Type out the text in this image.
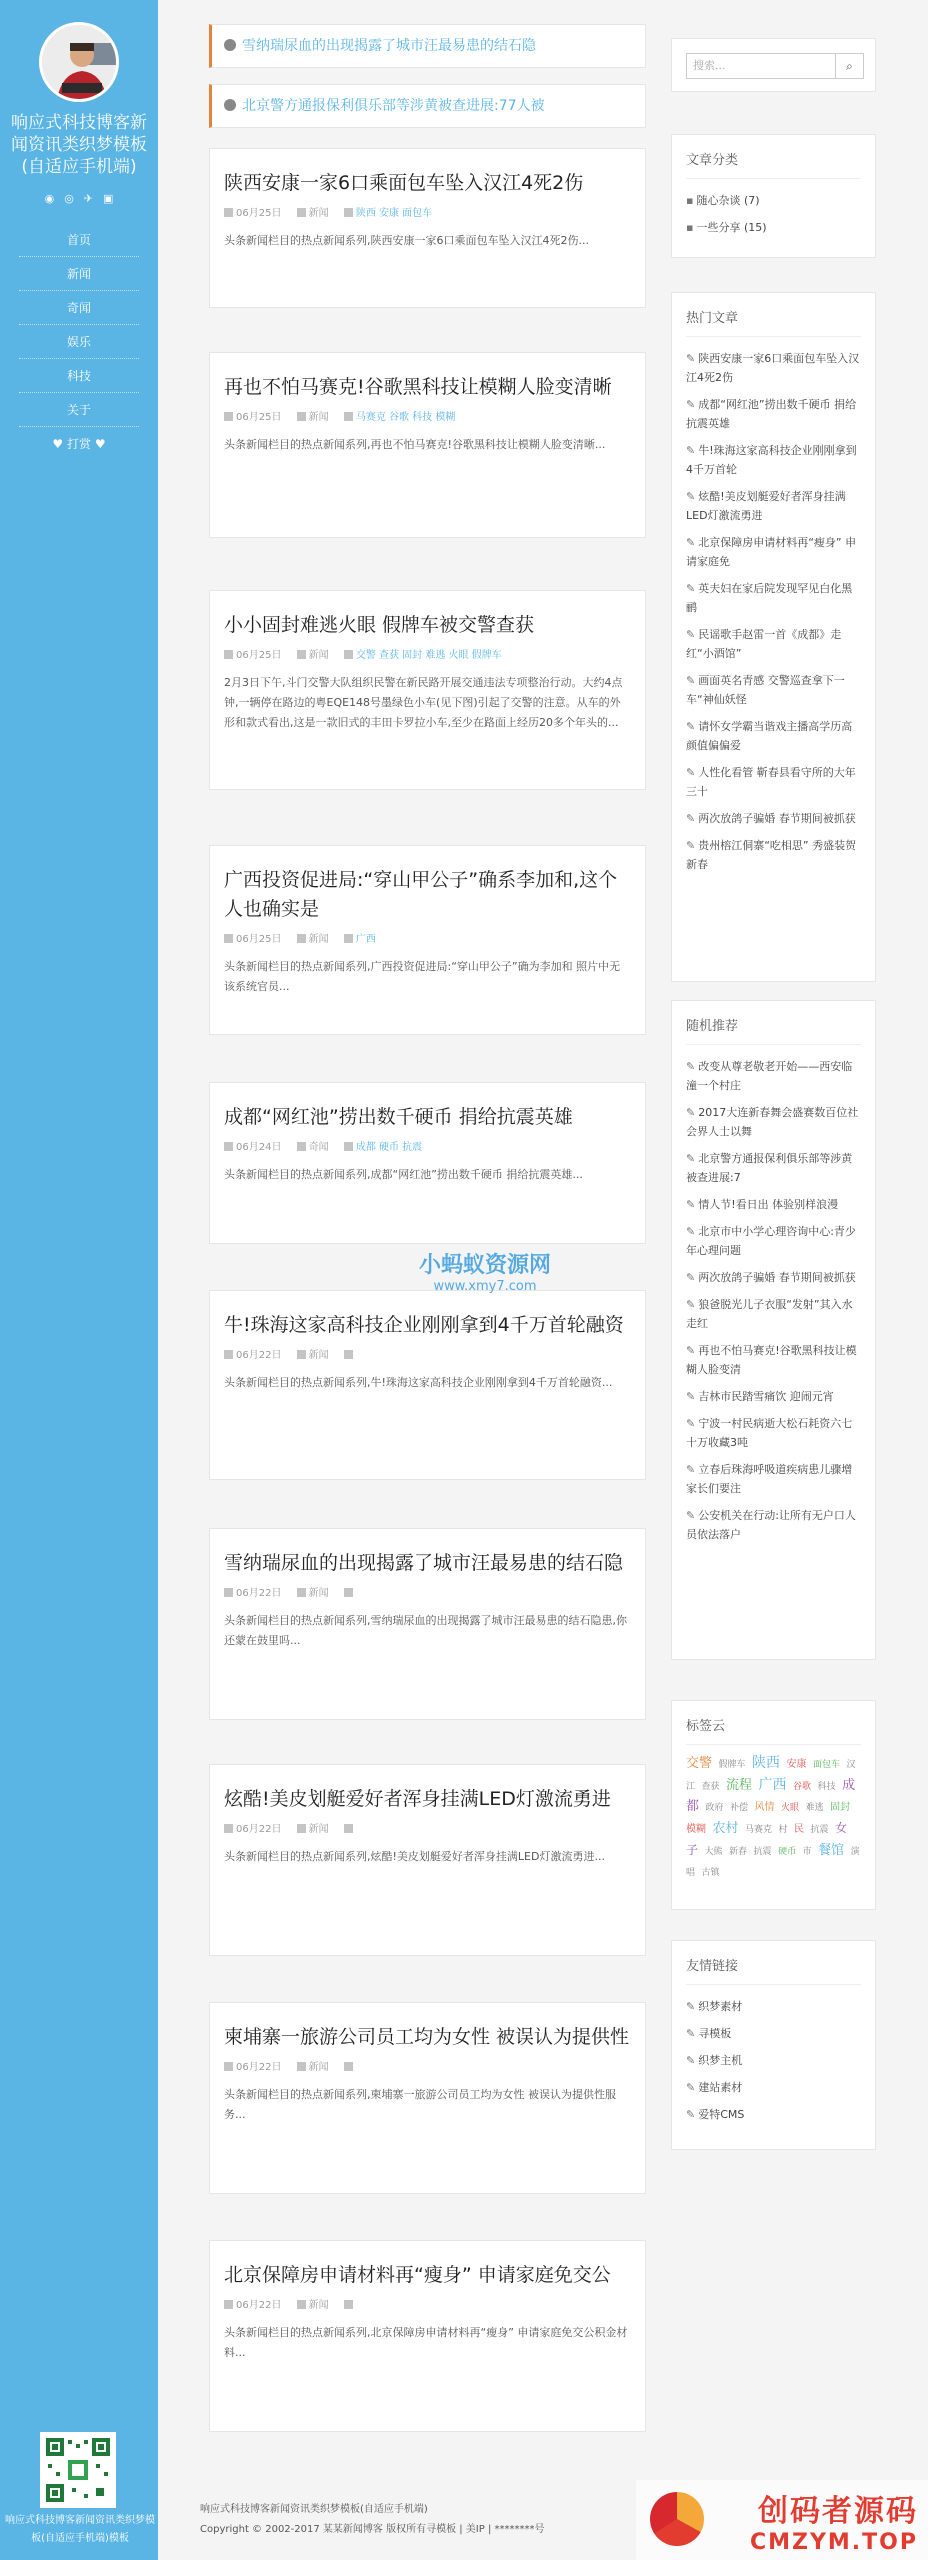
响应式科技博客新闻资讯类织梦模板(自适应手机端)
◉ ◎ ✈ ▣
首页
新闻
奇闻
娱乐
科技
关于
♥ 打赏 ♥
响应式科技博客新闻资讯类织梦模板(自适应手机端)模板
雪纳瑞尿血的出现揭露了城市汪最易患的结石隐
北京警方通报保利俱乐部等涉黄被查进展:77人被
陕西安康一家6口乘面包车坠入汉江4死2伤
06月25日	新闻	陕西 安康 面包车

头条新闻栏目的热点新闻系列,陕西安康一家6口乘面包车坠入汉江4死2伤...

再也不怕马赛克!谷歌黑科技让模糊人脸变清晰
06月25日	新闻	马赛克 谷歌 科技 模糊

头条新闻栏目的热点新闻系列,再也不怕马赛克!谷歌黑科技让模糊人脸变清晰...

小小固封难逃火眼 假牌车被交警查获
06月25日	新闻	交警 查获 固封 难逃 火眼 假牌车

2月3日下午,斗门交警大队组织民警在新民路开展交通违法专项整治行动。大约4点钟,一辆停在路边的粤EQE148号墨绿色小车(见下图)引起了交警的注意。从车的外形和款式看出,这是一款旧式的丰田卡罗拉小车,至少在路面上经历20多个年头的...

广西投资促进局:“穿山甲公子”确系李加和,这个人也确实是
06月25日	新闻	广西

头条新闻栏目的热点新闻系列,广西投资促进局:“穿山甲公子”确为李加和 照片中无该系统官员...

成都“网红池”捞出数千硬币 捐给抗震英雄
06月24日	奇闻	成都 硬币 抗震

头条新闻栏目的热点新闻系列,成都“网红池”捞出数千硬币 捐给抗震英雄...

牛!珠海这家高科技企业刚刚拿到4千万首轮融资
06月22日	新闻

头条新闻栏目的热点新闻系列,牛!珠海这家高科技企业刚刚拿到4千万首轮融资...

雪纳瑞尿血的出现揭露了城市汪最易患的结石隐
06月22日	新闻

头条新闻栏目的热点新闻系列,雪纳瑞尿血的出现揭露了城市汪最易患的结石隐患,你还蒙在鼓里吗...

炫酷!美皮划艇爱好者浑身挂满LED灯激流勇进
06月22日	新闻

头条新闻栏目的热点新闻系列,炫酷!美皮划艇爱好者浑身挂满LED灯激流勇进...

柬埔寨一旅游公司员工均为女性 被误认为提供性
06月22日	新闻

头条新闻栏目的热点新闻系列,柬埔寨一旅游公司员工均为女性 被误认为提供性服务...

北京保障房申请材料再“瘦身” 申请家庭免交公
06月22日	新闻

头条新闻栏目的热点新闻系列,北京保障房申请材料再“瘦身” 申请家庭免交公积金材料...

搜索...	⌕
文章分类
▪ 随心杂谈 (7)
▪ 一些分享 (15)
热门文章
✎ 陕西安康一家6口乘面包车坠入汉江4死2伤
✎ 成都“网红池”捞出数千硬币 捐给抗震英雄
✎ 牛!珠海这家高科技企业刚刚拿到4千万首轮
✎ 炫酷!美皮划艇爱好者浑身挂满LED灯激流勇进
✎ 北京保障房申请材料再“瘦身” 申请家庭免
✎ 英夫妇在家后院发现罕见白化黑鹂
✎ 民谣歌手赵雷一首《成都》走红“小酒馆”
✎ 画面英名青感 交警巡查拿下一车“神仙妖怪
✎ 请怀女学霸当谐戏主播高学历高颜值偏偏爱
✎ 人性化看管 靳春县看守所的大年三十
✎ 两次放鸽子骗婚 春节期间被抓获
✎ 贵州榕江侗寨“吃相思” 秀盛装贺新春
随机推荐
✎ 改变从尊老敬老开始——西安临潼一个村庄
✎ 2017大连新春舞会盛赛数百位社会界人士以舞
✎ 北京警方通报保利俱乐部等涉黄被查进展:7
✎ 情人节!看日出 体验别样浪漫
✎ 北京市中小学心理咨询中心:青少年心理问题
✎ 两次放鸽子骗婚 春节期间被抓获
✎ 狼爸脱光儿子衣服“发射”其入水走红
✎ 再也不怕马赛克!谷歌黑科技让模糊人脸变清
✎ 吉林市民踏雪痛饮 迎闹元宵
✎ 宁波一村民病逝大松石耗资六七十万收藏3吨
✎ 立春后珠海呼吸道疾病患儿骤增 家长们要注
✎ 公安机关在行动:让所有无户口人员依法落户
标签云
交警 假牌车 陕西 安康 面包车 汉江 查获 流程 广西 谷歌 科技 成都 政府 补偿 风情 火眼 难逃 固封 模糊 农村 马赛克 村 民 抗震 女子 大熊 新春 抗震 硬币 市 餐馆 演唱 古镇
友情链接
✎ 织梦素材
✎ 寻模板
✎ 织梦主机
✎ 建站素材
✎ 爱特CMS
小蚂蚁资源网
www.xmy7.com
响应式科技博客新闻资讯类织梦模板(自适应手机端)
Copyright © 2002-2017 某某新闻博客 版权所有寻模板 | 美IP | ********号
创码者源码
CMZYM.TOP
